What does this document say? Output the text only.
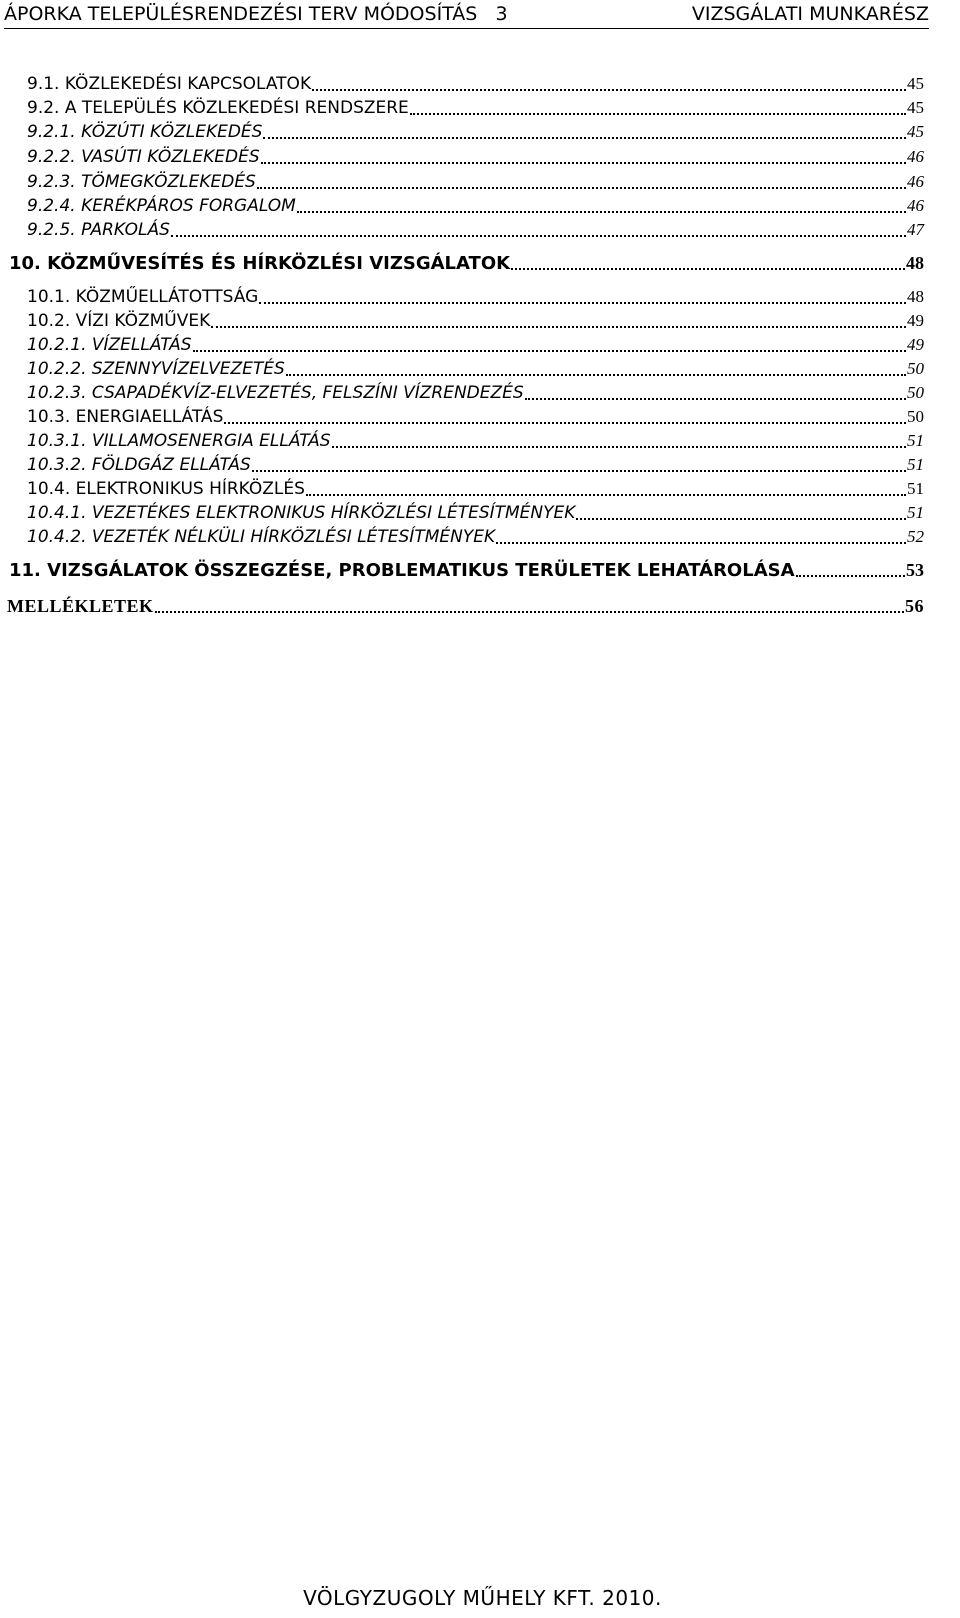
ÁPORKA TELEPÜLÉSRENDEZÉSI TERV MÓDOSÍTÁS   3	VIZSGÁLATI MUNKARÉSZ
9.1. KÖZLEKEDÉSI KAPCSOLATOK	45
9.2. A TELEPÜLÉS KÖZLEKEDÉSI RENDSZERE	45
9.2.1. KÖZÚTI KÖZLEKEDÉS	45
9.2.2. VASÚTI KÖZLEKEDÉS	46
9.2.3. TÖMEGKÖZLEKEDÉS	46
9.2.4. KERÉKPÁROS FORGALOM	46
9.2.5. PARKOLÁS	47
10. KÖZMŰVESÍTÉS ÉS HÍRKÖZLÉSI VIZSGÁLATOK	48
10.1. KÖZMŰELLÁTOTTSÁG	48
10.2. VÍZI KÖZMŰVEK	49
10.2.1. VÍZELLÁTÁS	49
10.2.2. SZENNYVÍZELVEZETÉS	50
10.2.3. CSAPADÉKVÍZ-ELVEZETÉS, FELSZÍNI VÍZRENDEZÉS	50
10.3. ENERGIAELLÁTÁS	50
10.3.1. VILLAMOSENERGIA ELLÁTÁS	51
10.3.2. FÖLDGÁZ ELLÁTÁS	51
10.4. ELEKTRONIKUS HÍRKÖZLÉS	51
10.4.1. VEZETÉKES ELEKTRONIKUS HÍRKÖZLÉSI LÉTESÍTMÉNYEK	51
10.4.2. VEZETÉK NÉLKÜLI HÍRKÖZLÉSI LÉTESÍTMÉNYEK	52
11. VIZSGÁLATOK ÖSSZEGZÉSE, PROBLEMATIKUS TERÜLETEK LEHATÁROLÁSA	53
MELLÉKLETEK	56
VÖLGYZUGOLY MŰHELY KFT. 2010.
